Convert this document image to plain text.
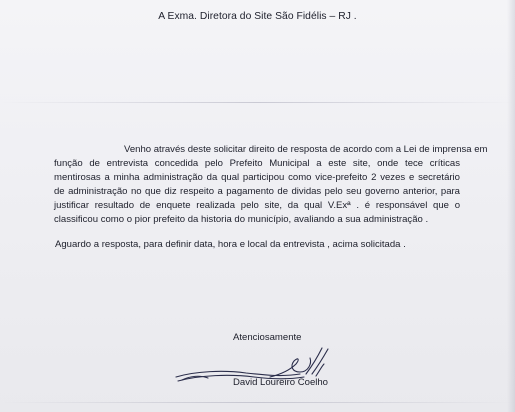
A Exma. Diretora do Site São Fidélis – RJ .
Venho através deste solicitar direito de resposta de acordo com a Lei de imprensa em
função de entrevista concedida pelo Prefeito Municipal a este site, onde tece críticas
mentirosas a minha administração da qual participou como vice-prefeito 2 vezes e secretário
de administração no que diz respeito a pagamento de dividas pelo seu governo anterior, para
justificar resultado de enquete realizada pelo site, da qual V.Exª . é responsável que o
classificou como o pior prefeito da historia do município, avaliando a sua administração .
Aguardo a resposta, para definir data, hora e local da entrevista , acima solicitada .
Atenciosamente
David Loureiro Coelho
